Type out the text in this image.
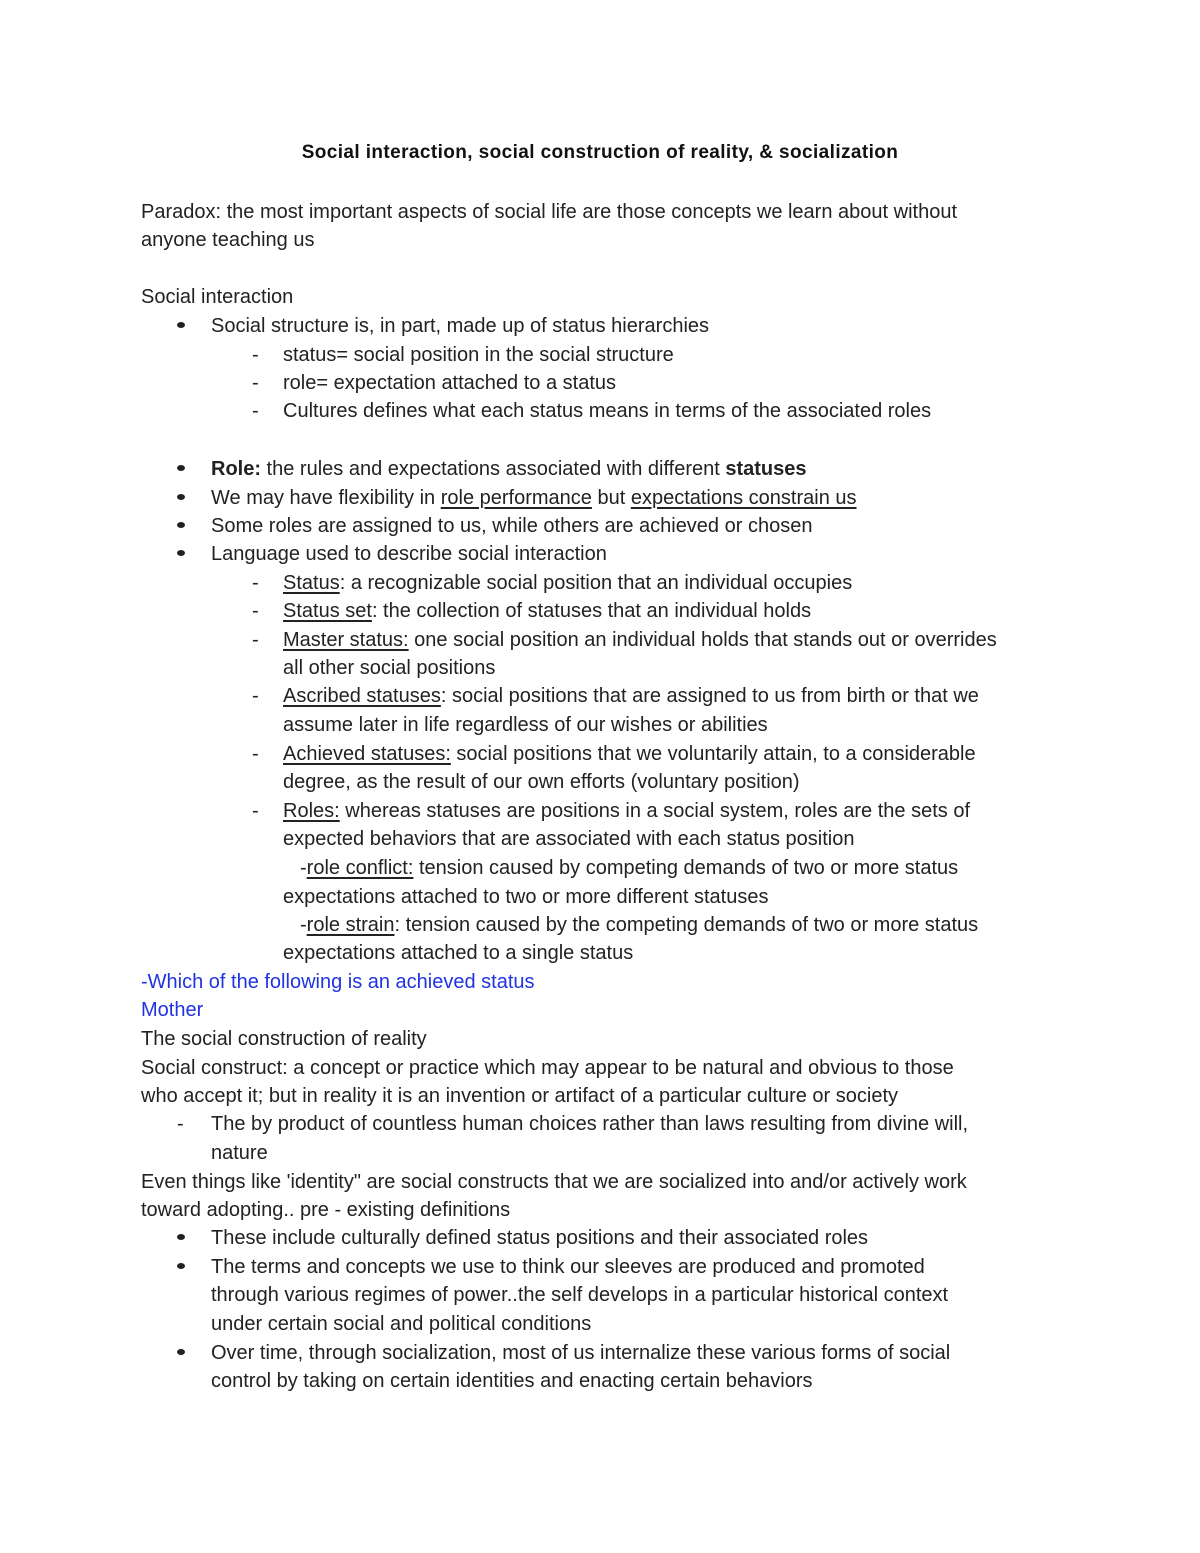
Social interaction, social construction of reality, & socialization
Paradox: the most important aspects of social life are those concepts we learn about without
anyone teaching us
Social interaction
Social structure is, in part, made up of status hierarchies
- status= social position in the social structure
- role= expectation attached to a status
- Cultures defines what each status means in terms of the associated roles
Role: the rules and expectations associated with different statuses
We may have flexibility in role performance but expectations constrain us
Some roles are assigned to us, while others are achieved or chosen
Language used to describe social interaction
- Status: a recognizable social position that an individual occupies
- Status set: the collection of statuses that an individual holds
- Master status: one social position an individual holds that stands out or overrides
all other social positions
- Ascribed statuses: social positions that are assigned to us from birth or that we
assume later in life regardless of our wishes or abilities
- Achieved statuses: social positions that we voluntarily attain, to a considerable
degree, as the result of our own efforts (voluntary position)
- Roles: whereas statuses are positions in a social system, roles are the sets of
expected behaviors that are associated with each status position
-role conflict: tension caused by competing demands of two or more status
expectations attached to two or more different statuses
-role strain: tension caused by the competing demands of two or more status
expectations attached to a single status
-Which of the following is an achieved status
Mother
The social construction of reality
Social construct: a concept or practice which may appear to be natural and obvious to those
who accept it; but in reality it is an invention or artifact of a particular culture or society
- The by product of countless human choices rather than laws resulting from divine will,
nature
Even things like 'identity" are social constructs that we are socialized into and/or actively work
toward adopting.. pre - existing definitions
These include culturally defined status positions and their associated roles
The terms and concepts we use to think our sleeves are produced and promoted
through various regimes of power..the self develops in a particular historical context
under certain social and political conditions
Over time, through socialization, most of us internalize these various forms of social
control by taking on certain identities and enacting certain behaviors
